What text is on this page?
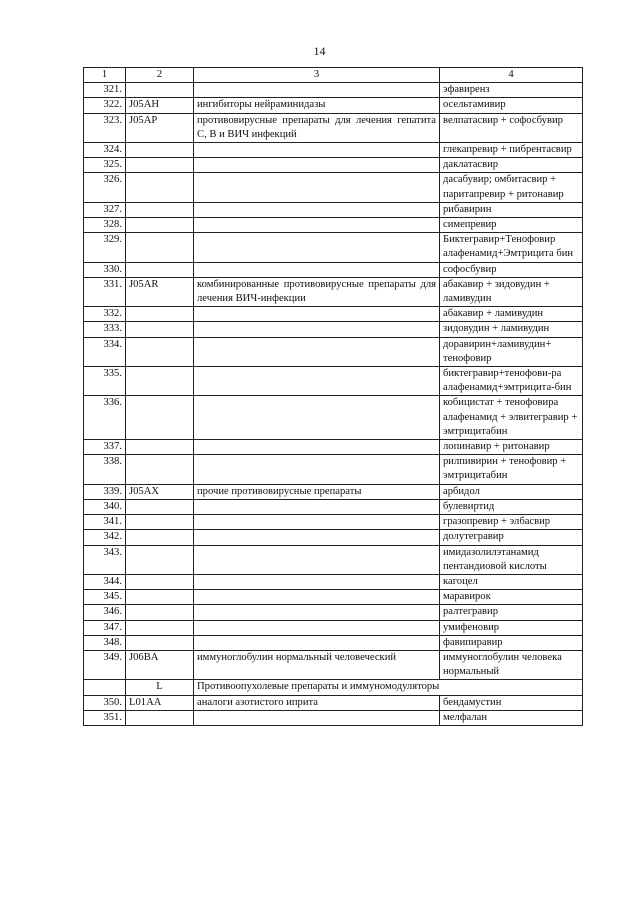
14
1	2	3	4
321.			эфавиренз
322.	J05AH	ингибиторы нейраминидазы	осельтамивир
323.	J05AP	противовирусные препараты для лечения гепатита С, В и ВИЧ инфекций	велпатасвир + софосбувир
324.			глекапревир + пибрентасвир
325.			даклатасвир
326.			дасабувир; омбитасвир + паритапревир + ритонавир
327.			рибавирин
328.			симепревир
329.			Биктегравир+Тенофовир алафенамид+Эмтрицита бин
330.			софосбувир
331.	J05AR	комбинированные противовирусные препараты для лечения ВИЧ-инфекции	абакавир + зидовудин + ламивудин
332.			абакавир + ламивудин
333.			зидовудин + ламивудин
334.			доравирин+ламивудин+ тенофовир
335.			биктегравир+тенофови-ра алафенамид+эмтрицита-бин
336.			кобицистат + тенофовира алафенамид + элвитегравир + эмтрицитабин
337.			лопинавир + ритонавир
338.			рилпивирин + тенофовир + эмтрицитабин
339.	J05AX	прочие противовирусные препараты	арбидол
340.			булевиртид
341.			гразопревир + элбасвир
342.			долутегравир
343.			имидазолилэтанамид пентандиовой кислоты
344.			кагоцел
345.			маравирок
346.			ралтегравир
347.			умифеновир
348.			фавипиравир
349.	J06BA	иммуноглобулин нормальный человеческий	иммуноглобулин человека нормальный
	L	Противоопухолевые препараты и иммуномодуляторы	
350.	L01AA	аналоги азотистого иприта	бендамустин
351.			мелфалан
